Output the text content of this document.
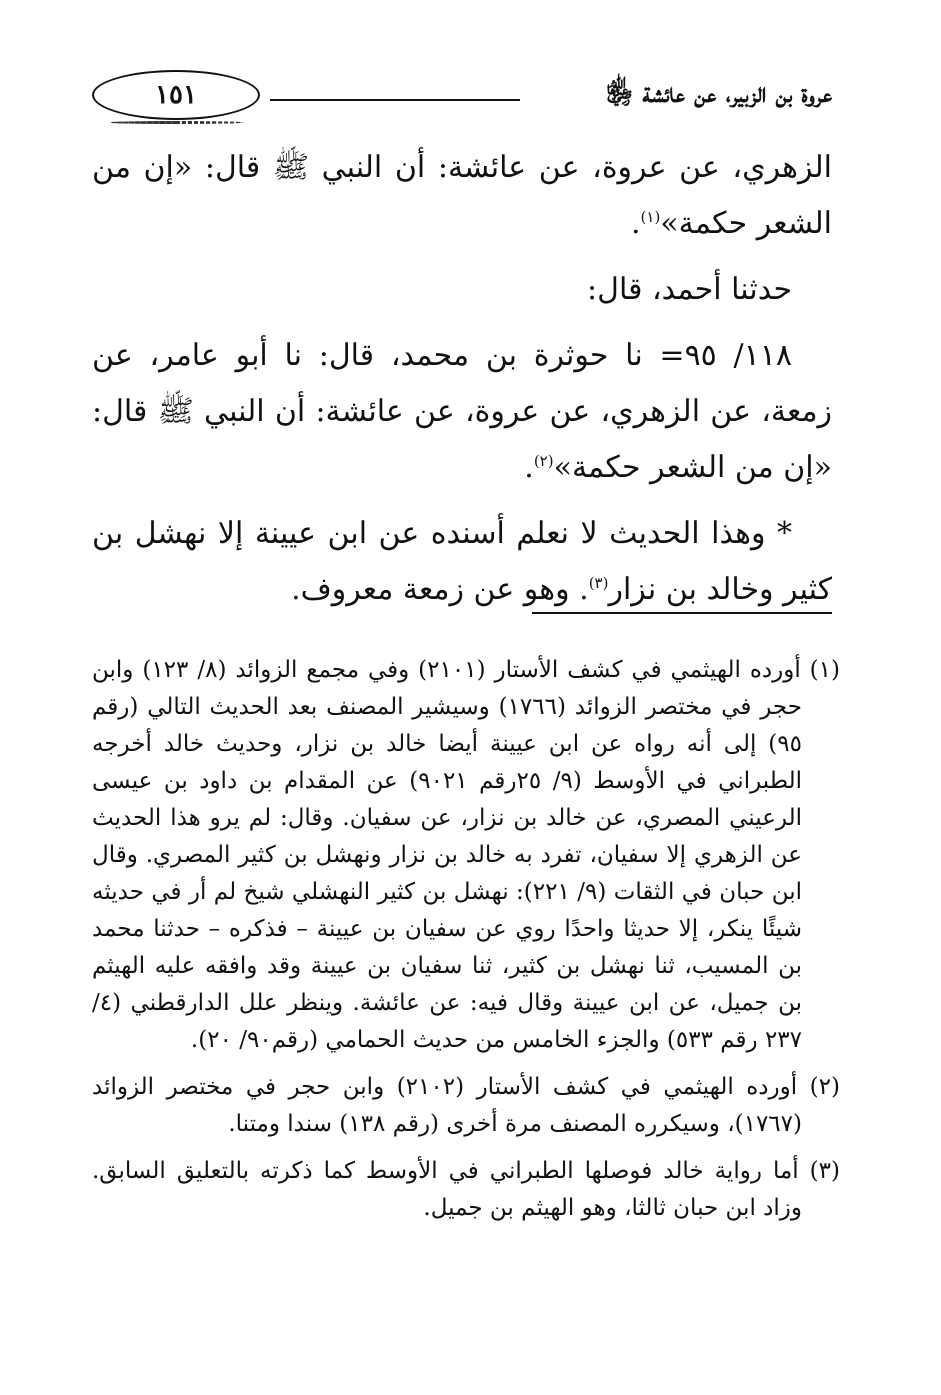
عروة بن الزبير، عن عائشة ﵂
١٥١

الزهري، عن عروة، عن عائشة: أن النبي ﷺ قال: «إن من الشعر حكمة»$^{(١)}$.

حدثنا أحمد، قال:

١١٨/ ٩٥= نا حوثرة بن محمد، قال: نا أبو عامر، عن زمعة، عن الزهري، عن عروة، عن عائشة: أن النبي ﷺ قال: «إن من الشعر حكمة»$^{(٢)}$.

* وهذا الحديث لا نعلم أسنده عن ابن عيينة إلا نهشل بن كثير وخالد بن نزار$^{(٣)}$. وهو عن زمعة معروف.

(١) أورده الهيثمي في كشف الأستار (٢١٠١) وفي مجمع الزوائد (٨/ ١٢٣) وابن حجر في مختصر الزوائد (١٧٦٦) وسيشير المصنف بعد الحديث التالي (رقم ٩٥) إلى أنه رواه عن ابن عيينة أيضا خالد بن نزار، وحديث خالد أخرجه الطبراني في الأوسط (٩/ ٢٥رقم ٩٠٢١) عن المقدام بن داود بن عيسى الرعيني المصري، عن خالد بن نزار، عن سفيان. وقال: لم يرو هذا الحديث عن الزهري إلا سفيان، تفرد به خالد بن نزار ونهشل بن كثير المصري. وقال ابن حبان في الثقات (٩/ ٢٢١): نهشل بن كثير النهشلي شيخ لم أر في حديثه شيئًا ينكر، إلا حديثا واحدًا روي عن سفيان بن عيينة – فذكره – حدثنا محمد بن المسيب، ثنا نهشل بن كثير، ثنا سفيان بن عيينة وقد وافقه عليه الهيثم بن جميل، عن ابن عيينة وقال فيه: عن عائشة. وينظر علل الدارقطني (٤/ ٢٣٧ رقم ٥٣٣) والجزء الخامس من حديث الحمامي (رقم٩٠/ ٢٠).

(٢) أورده الهيثمي في كشف الأستار (٢١٠٢) وابن حجر في مختصر الزوائد (١٧٦٧)، وسيكرره المصنف مرة أخرى (رقم ١٣٨) سندا ومتنا.

(٣) أما رواية خالد فوصلها الطبراني في الأوسط كما ذكرته بالتعليق السابق. وزاد ابن حبان ثالثا، وهو الهيثم بن جميل.
